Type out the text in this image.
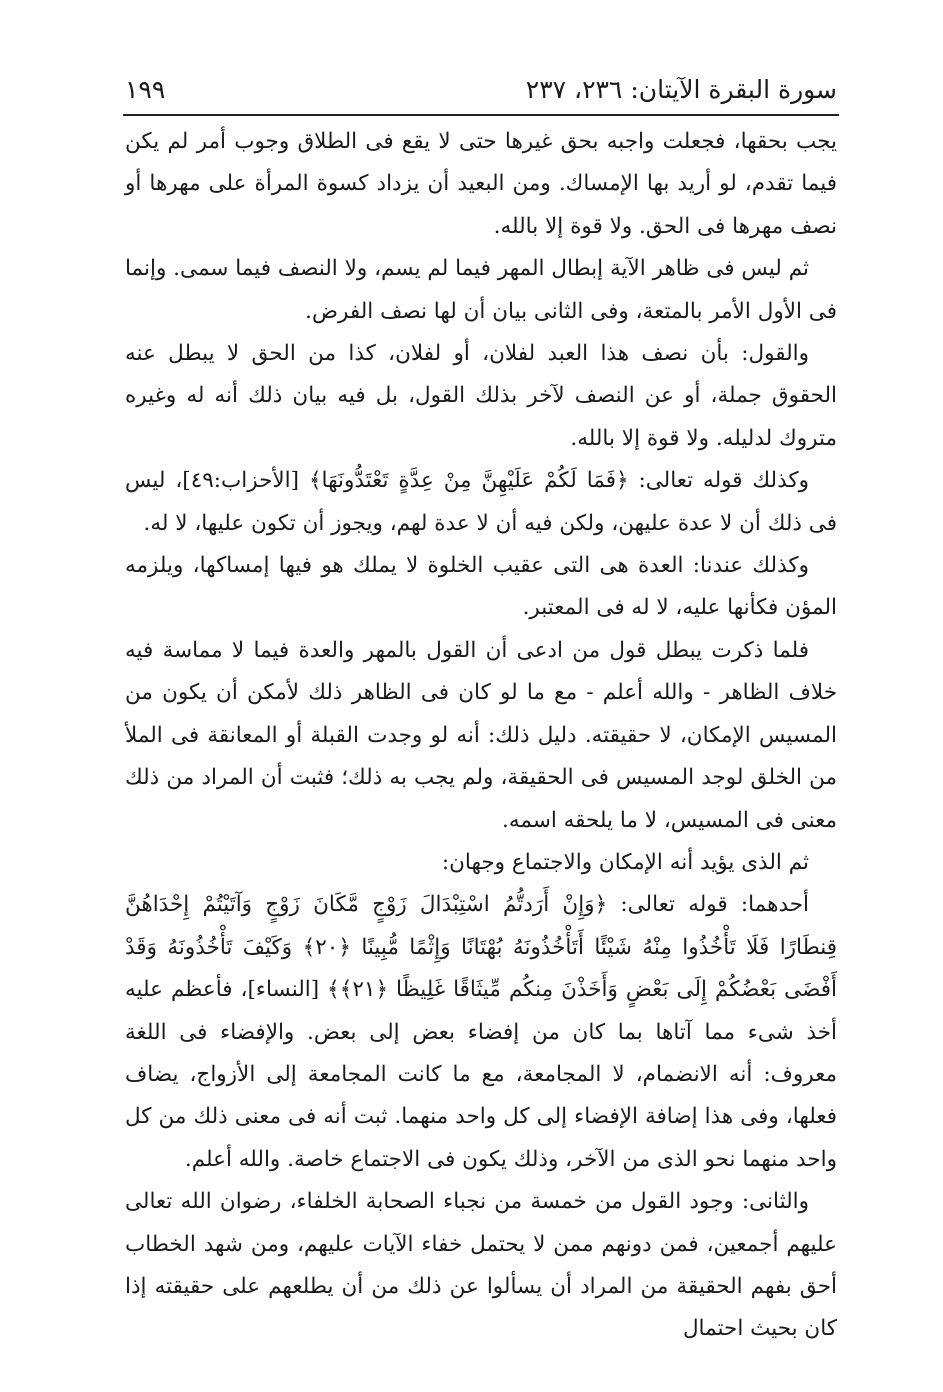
سورة البقرة الآيتان: ٢٣٦، ٢٣٧
١٩٩

يجب بحقها، فجعلت واجبه بحق غيرها حتى لا يقع فى الطلاق وجوب أمر لم يكن فيما تقدم، لو أريد بها الإمساك. ومن البعيد أن يزداد كسوة المرأة على مهرها أو نصف مهرها فى الحق. ولا قوة إلا بالله.

ثم ليس فى ظاهر الآية إبطال المهر فيما لم يسم، ولا النصف فيما سمى. وإنما فى الأول الأمر بالمتعة، وفى الثانى بيان أن لها نصف الفرض.

والقول: بأن نصف هذا العبد لفلان، أو لفلان، كذا من الحق لا يبطل عنه الحقوق جملة، أو عن النصف لآخر بذلك القول، بل فيه بيان ذلك أنه له وغيره متروك لدليله. ولا قوة إلا بالله.

وكذلك قوله تعالى: ﴿فَمَا لَكُمْ عَلَيْهِنَّ مِنْ عِدَّةٍ تَعْتَدُّونَهَا﴾ [الأحزاب:٤٩]، ليس فى ذلك أن لا عدة عليهن، ولكن فيه أن لا عدة لهم، ويجوز أن تكون عليها، لا له.

وكذلك عندنا: العدة هى التى عقيب الخلوة لا يملك هو فيها إمساكها، ويلزمه المؤن فكأنها عليه، لا له فى المعتبر.

فلما ذكرت يبطل قول من ادعى أن القول بالمهر والعدة فيما لا مماسة فيه خلاف الظاهر - والله أعلم - مع ما لو كان فى الظاهر ذلك لأمكن أن يكون من المسيس الإمكان، لا حقيقته. دليل ذلك: أنه لو وجدت القبلة أو المعانقة فى الملأ من الخلق لوجد المسيس فى الحقيقة، ولم يجب به ذلك؛ فثبت أن المراد من ذلك معنى فى المسيس، لا ما يلحقه اسمه.

ثم الذى يؤيد أنه الإمكان والاجتماع وجهان:

أحدهما: قوله تعالى: ﴿وَإِنْ أَرَدتُّمُ اسْتِبْدَالَ زَوْجٍ مَّكَانَ زَوْجٍ وَآتَيْتُمْ إِحْدَاهُنَّ قِنطَارًا فَلَا تَأْخُذُوا مِنْهُ شَيْئًا أَتَأْخُذُونَهُ بُهْتَانًا وَإِثْمًا مُّبِينًا ﴿٢٠﴾ وَكَيْفَ تَأْخُذُونَهُ وَقَدْ أَفْضَى بَعْضُكُمْ إِلَى بَعْضٍ وَأَخَذْنَ مِنكُم مِّيثَاقًا غَلِيظًا ﴿٢١﴾﴾ [النساء]، فأعظم عليه أخذ شىء مما آتاها بما كان من إفضاء بعض إلى بعض. والإفضاء فى اللغة معروف: أنه الانضمام، لا المجامعة، مع ما كانت المجامعة إلى الأزواج، يضاف فعلها، وفى هذا إضافة الإفضاء إلى كل واحد منهما. ثبت أنه فى معنى ذلك من كل واحد منهما نحو الذى من الآخر، وذلك يكون فى الاجتماع خاصة. والله أعلم.

والثانى: وجود القول من خمسة من نجباء الصحابة الخلفاء، رضوان الله تعالى عليهم أجمعين، فمن دونهم ممن لا يحتمل خفاء الآيات عليهم، ومن شهد الخطاب أحق بفهم الحقيقة من المراد أن يسألوا عن ذلك من أن يطلعهم على حقيقته إذا كان بحيث احتمال
